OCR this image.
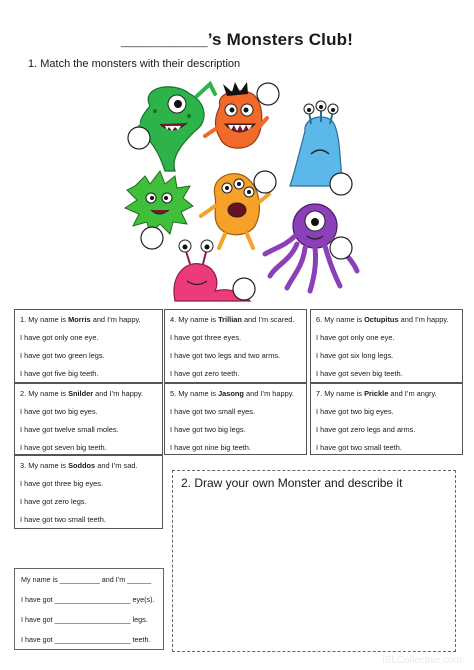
_________’s Monsters Club!
1. Match the monsters with their description
1. My name is Morris and I’m happy.
I have got only one eye.
I have got two green legs.
I have got five big teeth.
4. My name is Trillian and I’m scared.
I have got three eyes.
I have got two legs and two arms.
I have got zero teeth.
6. My name is Octupitus and I’m happy.
I have got only one eye.
I have got six long legs.
I have got seven big teeth.
2. My name is Snilder and I’m happy.
I have got two big eyes.
I have got twelve small moles.
I have got seven big teeth.
5. My name is Jasong and I’m happy.
I have got two small eyes.
I have got two big legs.
I have got nine big teeth.
7. My name is Prickle and I’m angry.
I have got two big eyes.
I have got zero legs and arms.
I have got two small teeth.
3. My name is Soddos and I’m sad.
I have got three big eyes.
I have got zero legs.
I have got two small teeth.
2. Draw your own Monster and describe it
My name is __________ and I’m ______
I have got ___________________ eye(s).
I have got ___________________ legs.
I have got ___________________ teeth.
iSLCollective.com
